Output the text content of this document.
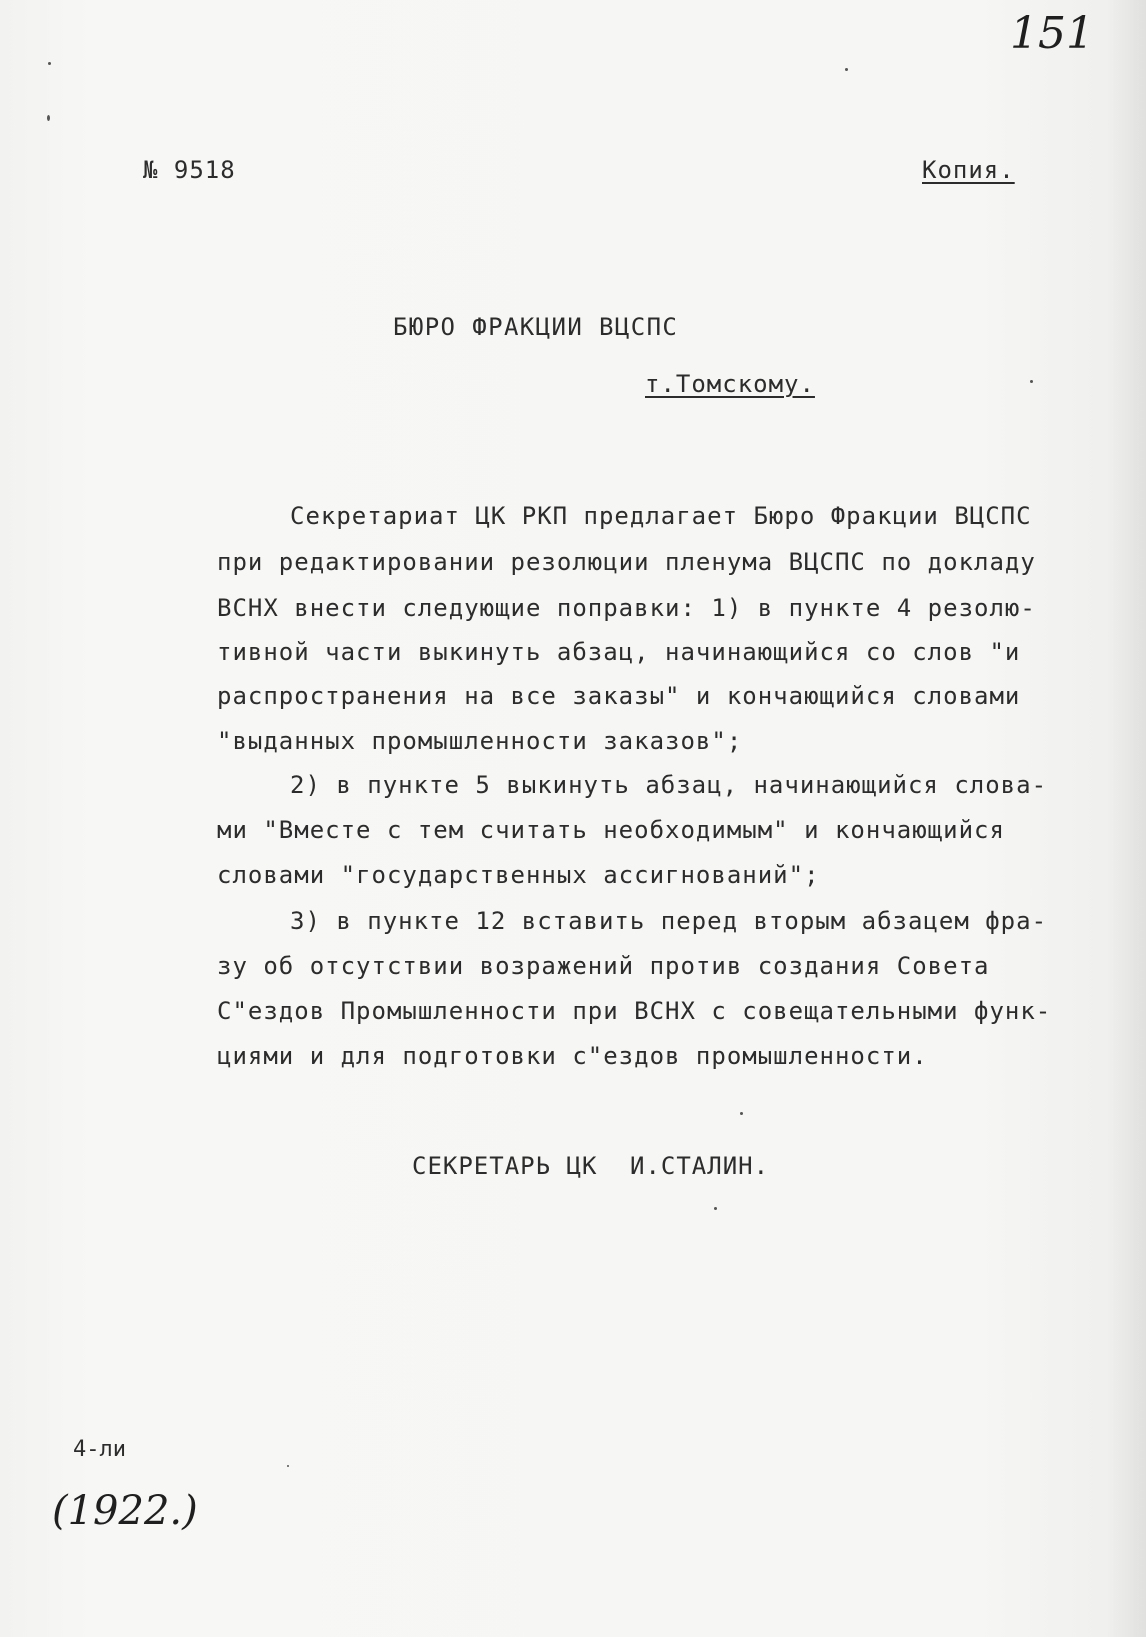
151
№ 9518	Копия.
БЮРО ФРАКЦИИ ВЦСПС
т.Томскому.
Секретариат ЦК РКП предлагает Бюро Фракции ВЦСПС
при редактировании резолюции пленума ВЦСПС по докладу
ВСНХ внести следующие поправки: 1) в пункте 4 резолю-
тивной части выкинуть абзац, начинающийся со слов "и
распространения на все заказы" и кончающийся словами
"выданных промышленности заказов";
2) в пункте 5 выкинуть абзац, начинающийся слова-
ми "Вместе с тем считать необходимым" и кончающийся
словами "государственных ассигнований";
3) в пункте 12 вставить перед вторым абзацем фра-
зу об отсутствии возражений против создания Совета
С"ездов Промышленности при ВСНХ с совещательными функ-
циями и для подготовки с"ездов промышленности.
СЕКРЕТАРЬ ЦК И.СТАЛИН.
4-ли
(1922.)
